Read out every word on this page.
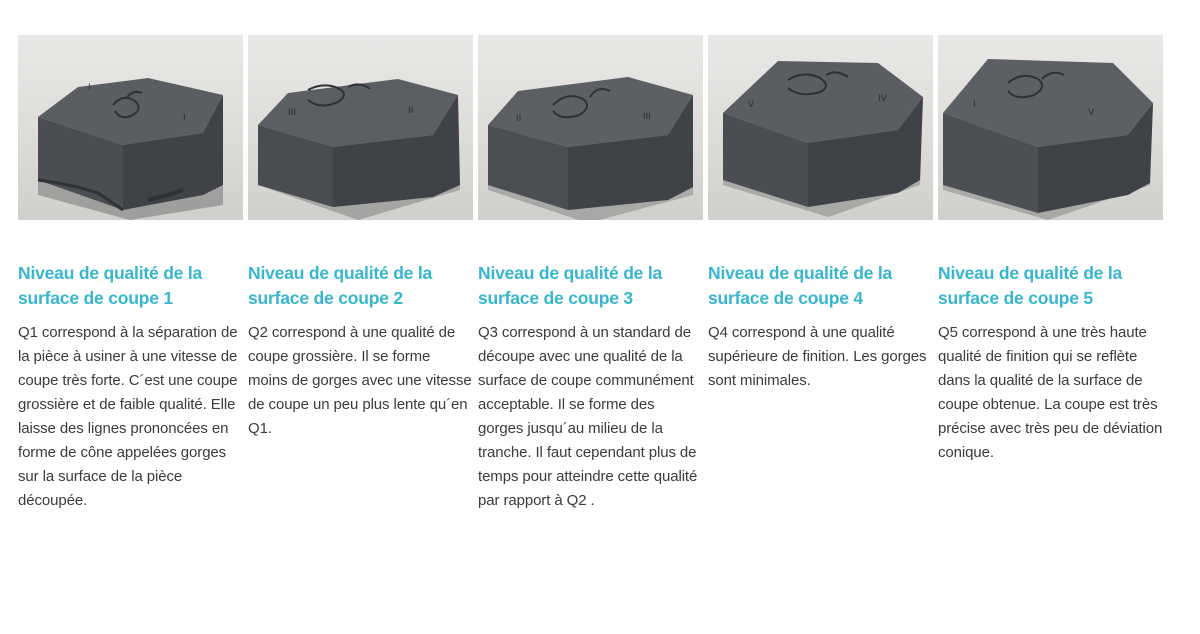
I
I
Niveau de qualité de la surface de coupe 1
Q1 correspond à la séparation de la pièce à usiner à une vitesse de coupe très forte. C´est une coupe grossière et de faible qualité. Elle laisse des lignes prononcées en forme de cône appelées gorges sur la surface de la pièce découpée.
III	II
Niveau de qualité de la surface de coupe 2
Q2 correspond à une qualité de coupe grossière. Il se forme moins de gorges avec une vitesse de coupe un peu plus lente qu´en Q1.
II	III
Niveau de qualité de la surface de coupe 3
Q3 correspond à un standard de découpe avec une qualité de la surface de coupe communément acceptable. Il se forme des gorges jusqu´au milieu de la tranche. Il faut cependant plus de temps pour atteindre cette qualité par rapport à Q2 .
V
IV
Niveau de qualité de la surface de coupe 4
Q4 correspond à une qualité supérieure de finition. Les gorges sont minimales.
I
V
Niveau de qualité de la surface de coupe 5
Q5 correspond à une très haute qualité de finition qui se reflète dans la qualité de la surface de coupe obtenue. La coupe est très précise avec très peu de déviation conique.
